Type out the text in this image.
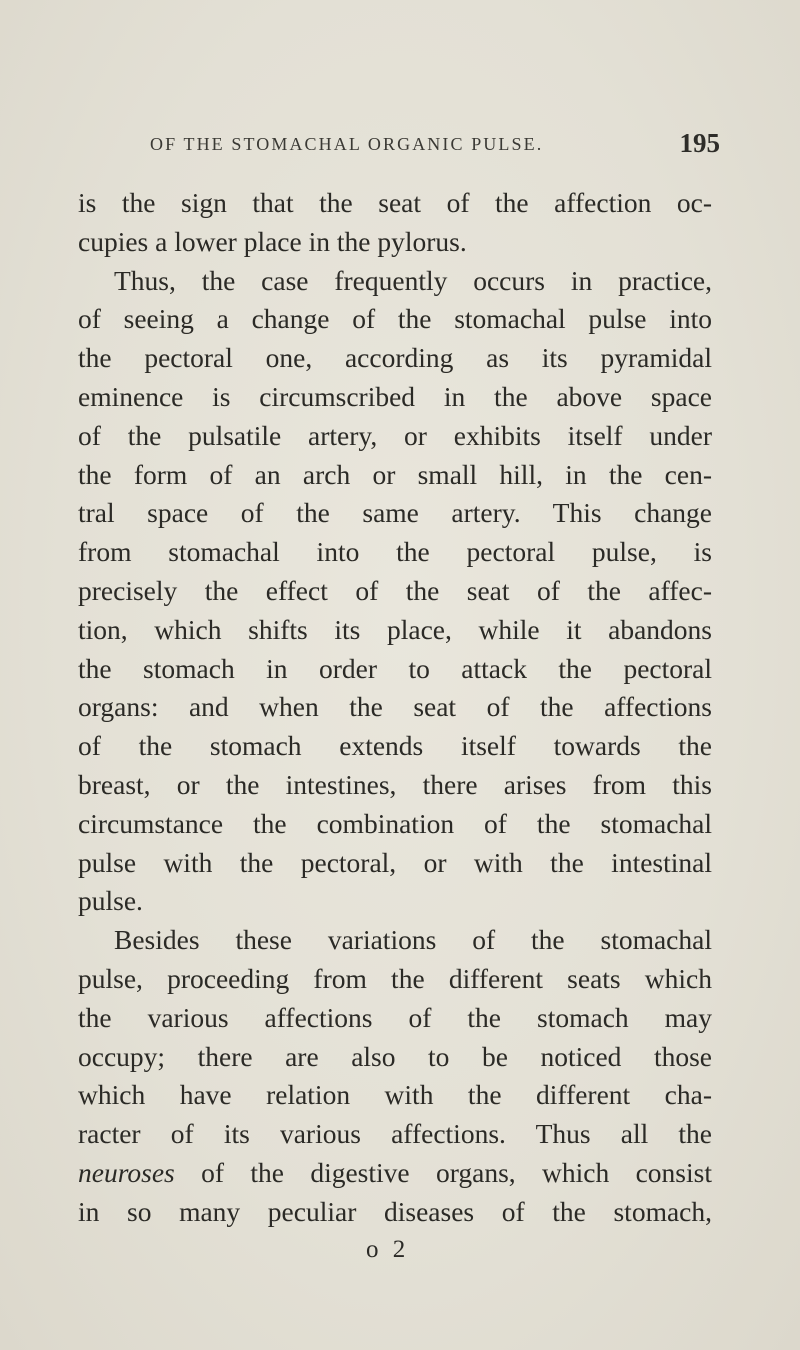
OF THE STOMACHAL ORGANIC PULSE.	195
is the sign that the seat of the affection oc-
cupies a lower place in the pylorus.
Thus, the case frequently occurs in practice,
of seeing a change of the stomachal pulse into
the pectoral one, according as its pyramidal
eminence is circumscribed in the above space
of the pulsatile artery, or exhibits itself under
the form of an arch or small hill, in the cen-
tral space of the same artery. This change
from stomachal into the pectoral pulse, is
precisely the effect of the seat of the affec-
tion, which shifts its place, while it abandons
the stomach in order to attack the pectoral
organs: and when the seat of the affections
of the stomach extends itself towards the
breast, or the intestines, there arises from this
circumstance the combination of the stomachal
pulse with the pectoral, or with the intestinal
pulse.
Besides these variations of the stomachal
pulse, proceeding from the different seats which
the various affections of the stomach may
occupy; there are also to be noticed those
which have relation with the different cha-
racter of its various affections. Thus all the
neuroses of the digestive organs, which consist
in so many peculiar diseases of the stomach,
o 2
